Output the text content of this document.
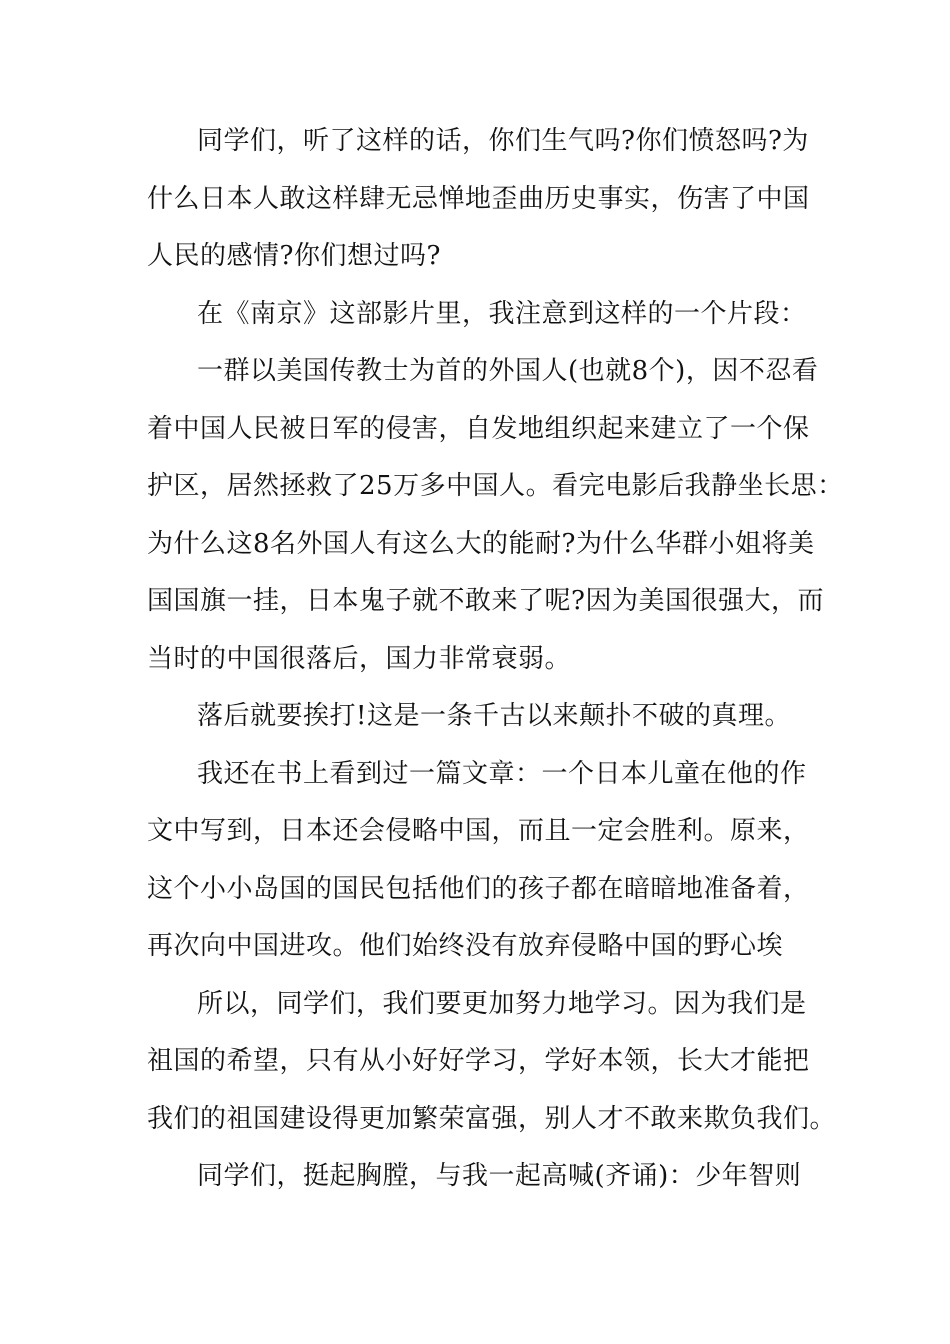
同学们，听了这样的话，你们生气吗?你们愤怒吗?为
什么日本人敢这样肆无忌惮地歪曲历史事实，伤害了中国
人民的感情?你们想过吗?
在《南京》这部影片里，我注意到这样的一个片段：
一群以美国传教士为首的外国人(也就8个)，因不忍看
着中国人民被日军的侵害，自发地组织起来建立了一个保
护区，居然拯救了25万多中国人。看完电影后我静坐长思：
为什么这8名外国人有这么大的能耐?为什么华群小姐将美
国国旗一挂，日本鬼子就不敢来了呢?因为美国很强大，而
当时的中国很落后，国力非常衰弱。
落后就要挨打!这是一条千古以来颠扑不破的真理。
我还在书上看到过一篇文章：一个日本儿童在他的作
文中写到，日本还会侵略中国，而且一定会胜利。原来，
这个小小岛国的国民包括他们的孩子都在暗暗地准备着，
再次向中国进攻。他们始终没有放弃侵略中国的野心埃
所以，同学们，我们要更加努力地学习。因为我们是
祖国的希望，只有从小好好学习，学好本领，长大才能把
我们的祖国建设得更加繁荣富强，别人才不敢来欺负我们。
同学们，挺起胸膛，与我一起高喊(齐诵)：少年智则
